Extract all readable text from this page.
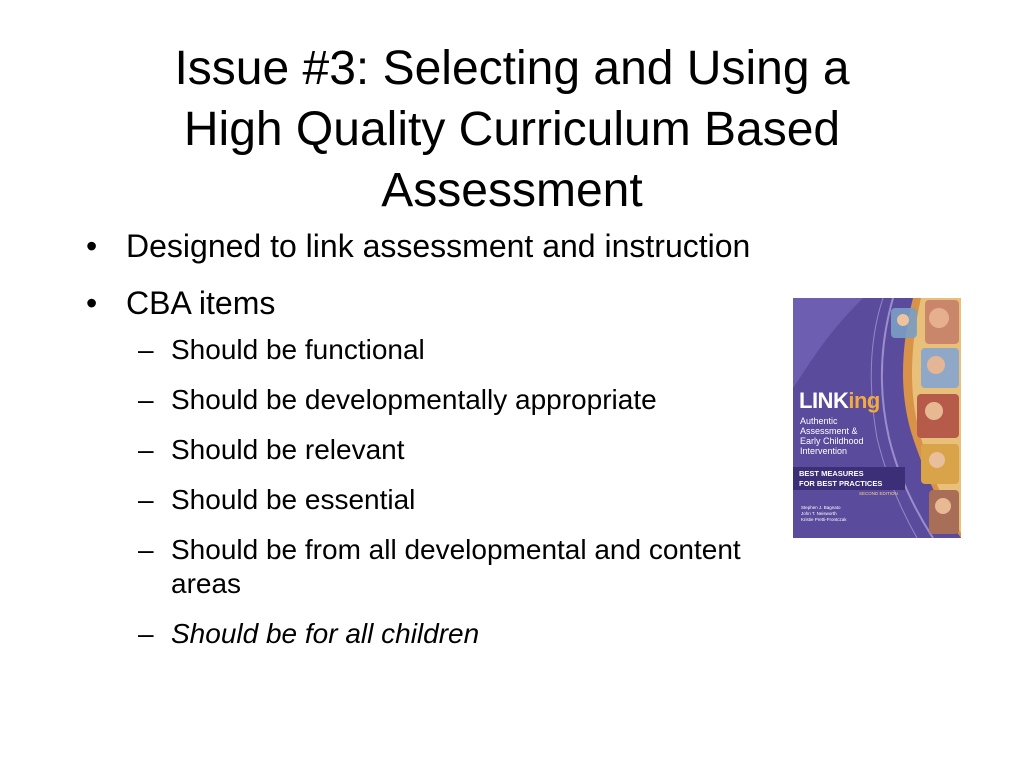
Issue #3: Selecting and Using a
High Quality Curriculum Based
Assessment
• Designed to link assessment and instruction
• CBA items
– Should be functional
– Should be developmentally appropriate
– Should be relevant
– Should be essential
– Should be from all developmental and content
areas
– Should be for all children
LINKing
Authentic
Assessment &
Early Childhood
Intervention
BEST MEASURES
FOR BEST PRACTICES
SECOND EDITION
Stephen J. Bagnato
John T. Neisworth
Kristie Pretti-Frontczak
